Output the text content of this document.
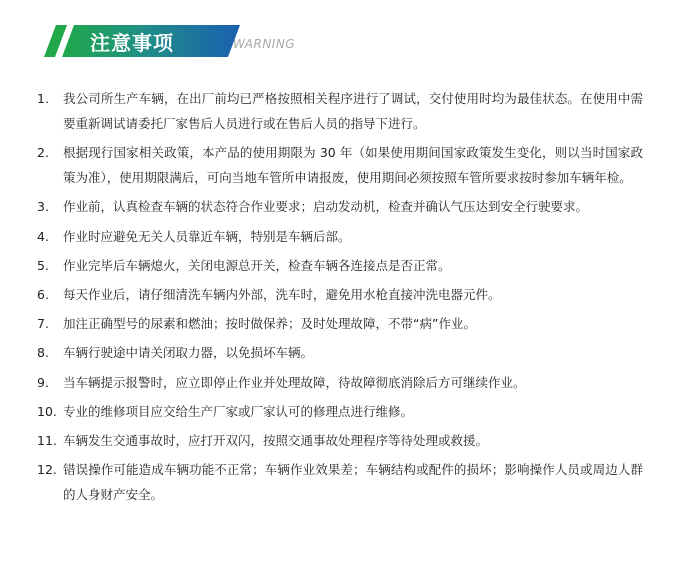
注意事项	WARNING
1.	我公司所生产车辆，在出厂前均已严格按照相关程序进行了调试，交付使用时均为最佳状态。在使用中需要重新调试请委托厂家售后人员进行或在售后人员的指导下进行。
2.	根据现行国家相关政策，本产品的使用期限为 30 年（如果使用期间国家政策发生变化，则以当时国家政策为准），使用期限满后，可向当地车管所申请报废，使用期间必须按照车管所要求按时参加车辆年检。
3.	作业前，认真检查车辆的状态符合作业要求；启动发动机，检查并确认气压达到安全行驶要求。
4.	作业时应避免无关人员靠近车辆，特别是车辆后部。
5.	作业完毕后车辆熄火，关闭电源总开关，检查车辆各连接点是否正常。
6.	每天作业后，请仔细清洗车辆内外部，洗车时，避免用水枪直接冲洗电器元件。
7.	加注正确型号的尿素和燃油；按时做保养；及时处理故障，不带“病”作业。
8.	车辆行驶途中请关闭取力器，以免损坏车辆。
9.	当车辆提示报警时，应立即停止作业并处理故障，待故障彻底消除后方可继续作业。
10. 专业的维修项目应交给生产厂家或厂家认可的修理点进行维修。
11. 车辆发生交通事故时，应打开双闪，按照交通事故处理程序等待处理或救援。
12. 错误操作可能造成车辆功能不正常；车辆作业效果差；车辆结构或配件的损坏；影响操作人员或周边人群的人身财产安全。
